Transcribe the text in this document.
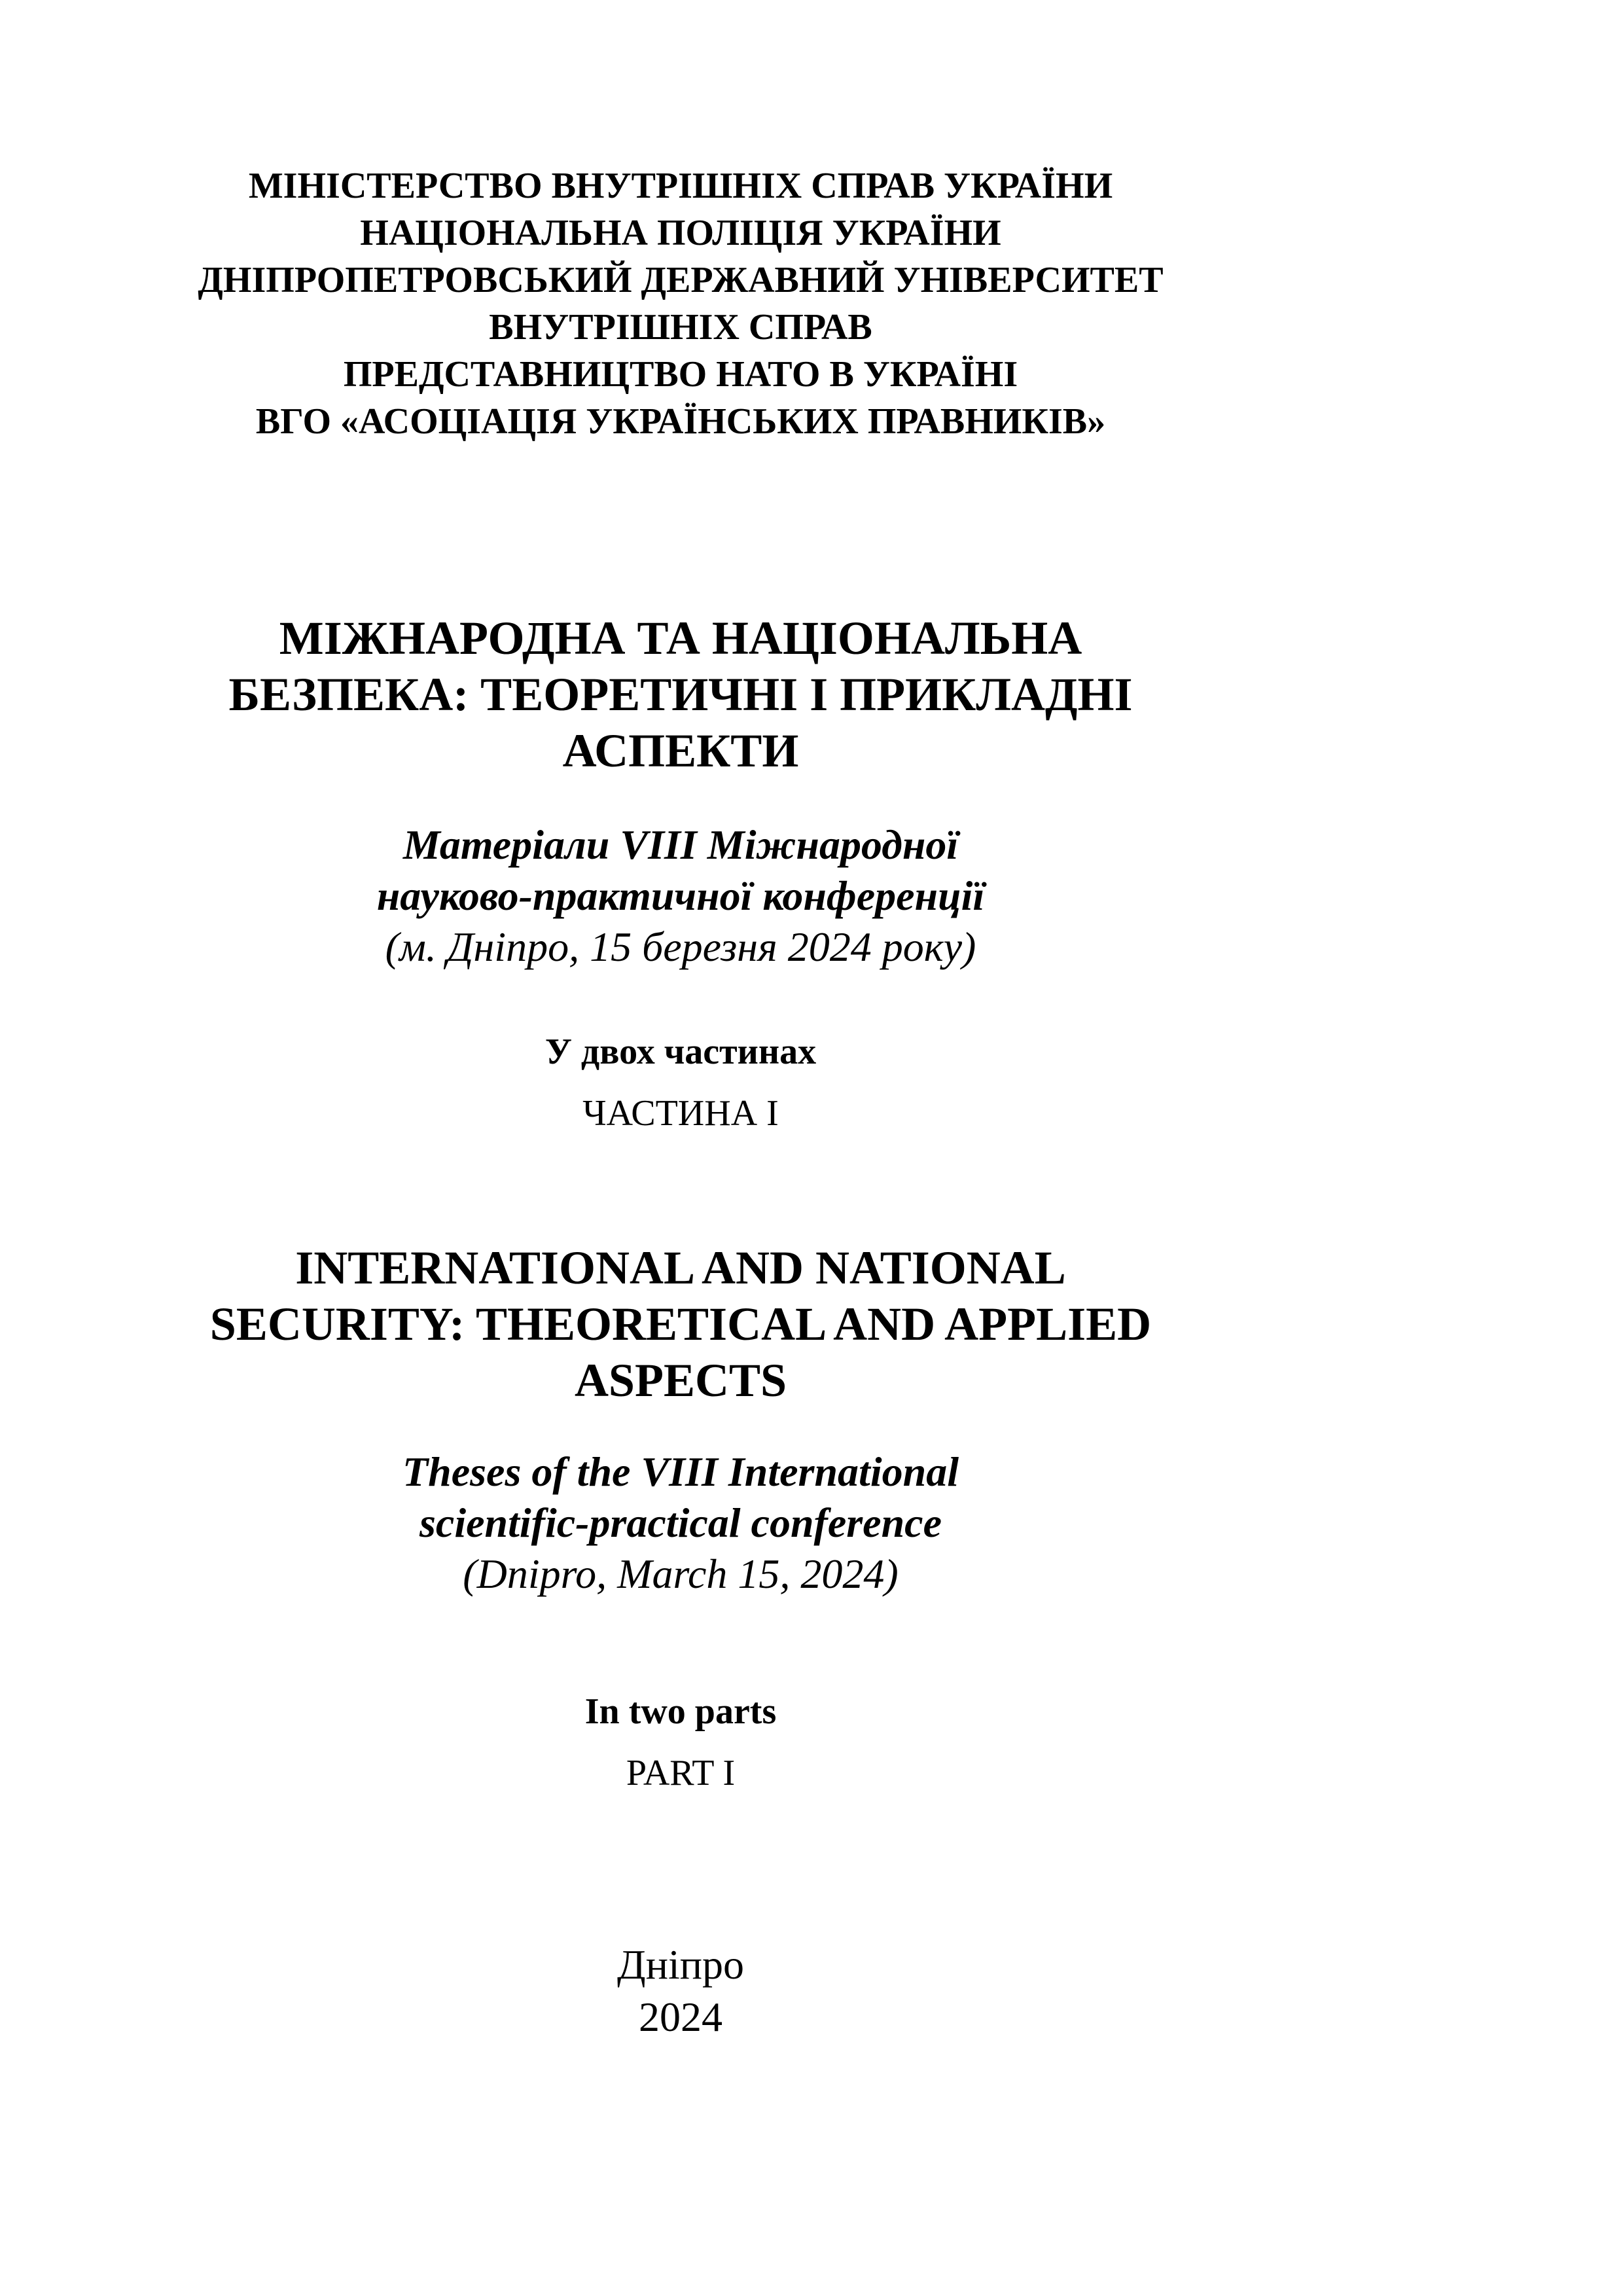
МІНІСТЕРСТВО ВНУТРІШНІХ СПРАВ УКРАЇНИ
НАЦІОНАЛЬНА ПОЛІЦІЯ УКРАЇНИ
ДНІПРОПЕТРОВСЬКИЙ ДЕРЖАВНИЙ УНІВЕРСИТЕТ
ВНУТРІШНІХ СПРАВ
ПРЕДСТАВНИЦТВО НАТО В УКРАЇНІ
ВГО «АСОЦІАЦІЯ УКРАЇНСЬКИХ ПРАВНИКІВ»
МІЖНАРОДНА ТА НАЦІОНАЛЬНА
БЕЗПЕКА: ТЕОРЕТИЧНІ І ПРИКЛАДНІ
АСПЕКТИ
Матеріали VIII Міжнародної
науково-практичної конференції
(м. Дніпро, 15 березня 2024 року)
У двох частинах
ЧАСТИНА І
INTERNATIONAL AND NATIONAL
SECURITY: THEORETICAL AND APPLIED
ASPECTS
Theses of the VIII International
scientific-practical conference
(Dnipro, March 15, 2024)
In two parts
PART I
Дніпро
2024
